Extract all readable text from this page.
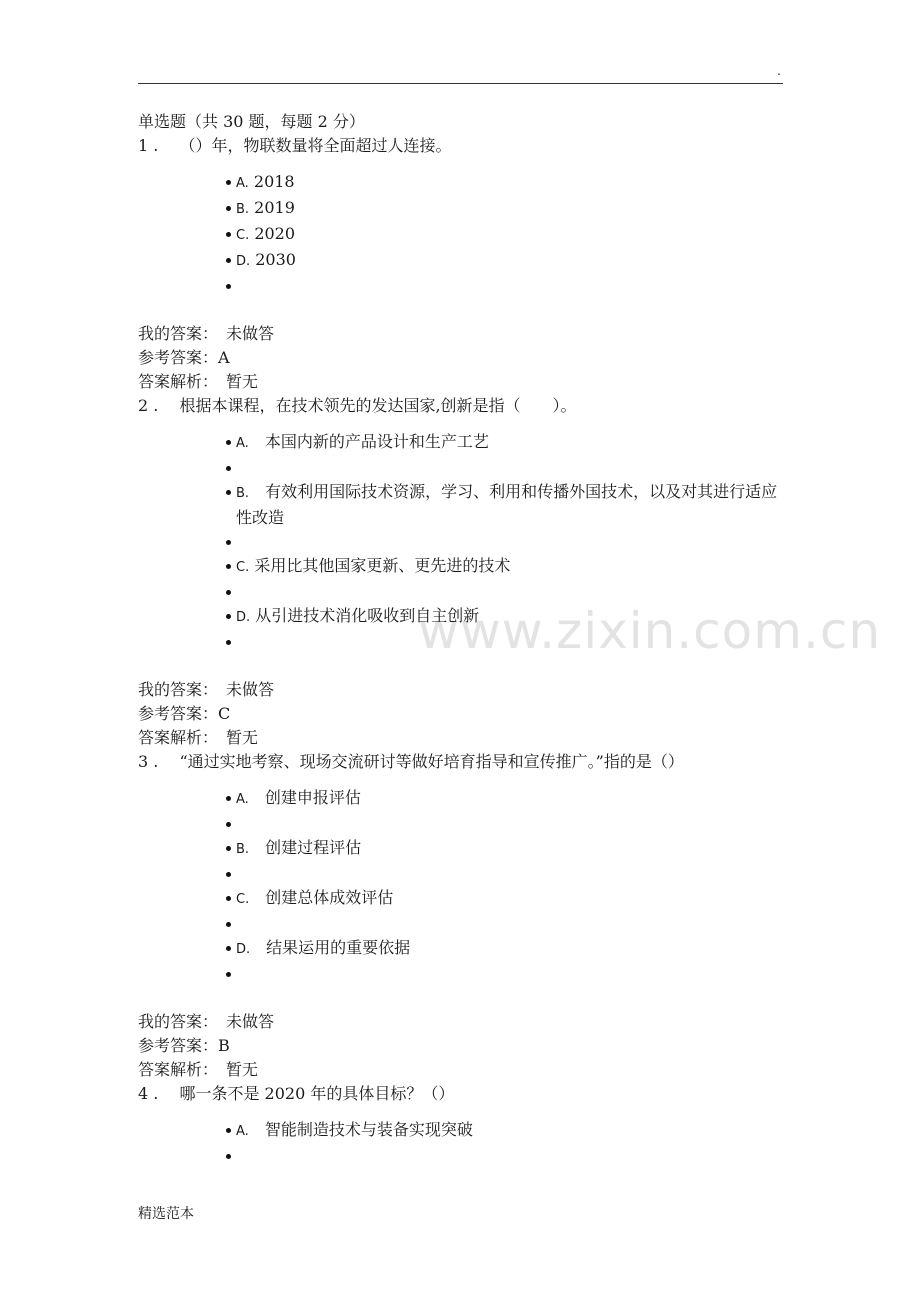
.
www.zixin.com.cn
单选题（共 30 题，每题 2 分）
1 .　 （）年，物联数量将全面超过人连接。
A. 2018
B. 2019
C. 2020
D. 2030
我的答案：　未做答
参考答案：A
答案解析：　暂无
2 .　 根据本课程，在技术领先的发达国家,创新是指（　　）。
A.　 本国内新的产品设计和生产工艺
B.　 有效利用国际技术资源，学习、利用和传播外国技术，以及对其进行适应性改造
C. 采用比其他国家更新、更先进的技术
D. 从引进技术消化吸收到自主创新
我的答案：　未做答
参考答案：C
答案解析：　暂无
3 .　 “通过实地考察、现场交流研讨等做好培育指导和宣传推广。”指的是（）
A.　 创建申报评估
B.　 创建过程评估
C.　 创建总体成效评估
D.　 结果运用的重要依据
我的答案：　未做答
参考答案：B
答案解析：　暂无
4 .　 哪一条不是 2020 年的具体目标？（）
A.　 智能制造技术与装备实现突破
精选范本
